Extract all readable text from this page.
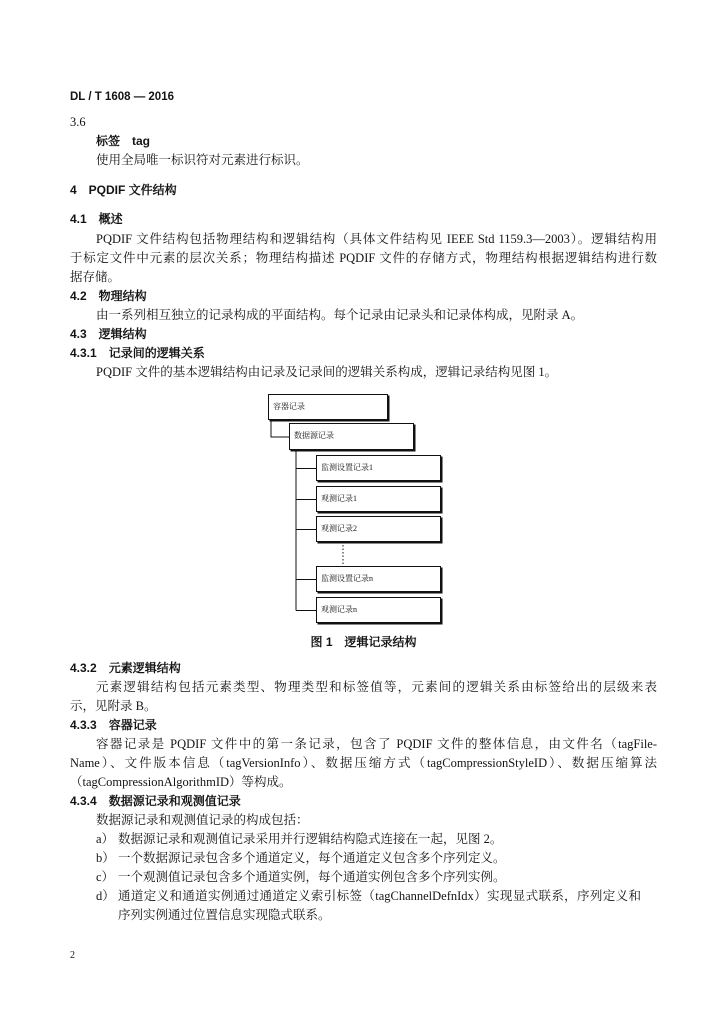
DL / T 1608 — 2016
3.6
标签　tag
使用全局唯一标识符对元素进行标识。
4　PQDIF 文件结构
4.1　概述
PQDIF 文件结构包括物理结构和逻辑结构（具体文件结构见 IEEE Std 1159.3—2003）。逻辑结构用
于标定文件中元素的层次关系；物理结构描述 PQDIF 文件的存储方式，物理结构根据逻辑结构进行数
据存储。
4.2　物理结构
由一系列相互独立的记录构成的平面结构。每个记录由记录头和记录体构成，见附录 A。
4.3　逻辑结构
4.3.1　记录间的逻辑关系
PQDIF 文件的基本逻辑结构由记录及记录间的逻辑关系构成，逻辑记录结构见图 1。
容器记录
数据源记录
监测设置记录1
观测记录1
观测记录2
监测设置记录n
观测记录n
图 1　逻辑记录结构
4.3.2　元素逻辑结构
元素逻辑结构包括元素类型、物理类型和标签值等，元素间的逻辑关系由标签给出的层级来表
示，见附录 B。
4.3.3　容器记录
容器记录是 PQDIF 文件中的第一条记录，包含了 PQDIF 文件的整体信息，由文件名（tagFile-
Name）、文件版本信息（tagVersionInfo）、数据压缩方式（tagCompressionStyleID）、数据压缩算法
（tagCompressionAlgorithmID）等构成。
4.3.4　数据源记录和观测值记录
数据源记录和观测值记录的构成包括：
a） 数据源记录和观测值记录采用并行逻辑结构隐式连接在一起，见图 2。
b） 一个数据源记录包含多个通道定义，每个通道定义包含多个序列定义。
c） 一个观测值记录包含多个通道实例，每个通道实例包含多个序列实例。
d） 通道定义和通道实例通过通道定义索引标签（tagChannelDefnIdx）实现显式联系，序列定义和
序列实例通过位置信息实现隐式联系。
2
